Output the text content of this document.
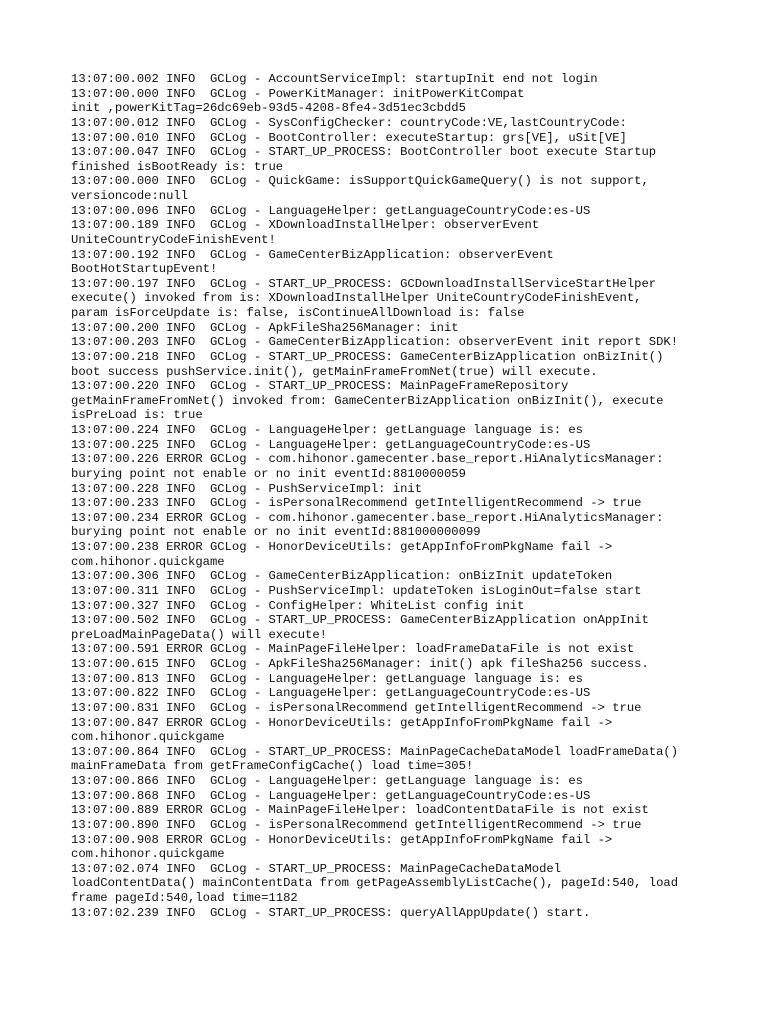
13:07:00.002 INFO  GCLog - AccountServiceImpl: startupInit end not login
13:07:00.000 INFO  GCLog - PowerKitManager: initPowerKitCompat
init ,powerKitTag=26dc69eb-93d5-4208-8fe4-3d51ec3cbdd5
13:07:00.012 INFO  GCLog - SysConfigChecker: countryCode:VE,lastCountryCode:
13:07:00.010 INFO  GCLog - BootController: executeStartup: grs[VE], uSit[VE]
13:07:00.047 INFO  GCLog - START_UP_PROCESS: BootController boot execute Startup
finished isBootReady is: true
13:07:00.000 INFO  GCLog - QuickGame: isSupportQuickGameQuery() is not support,
versioncode:null
13:07:00.096 INFO  GCLog - LanguageHelper: getLanguageCountryCode:es-US
13:07:00.189 INFO  GCLog - XDownloadInstallHelper: observerEvent
UniteCountryCodeFinishEvent!
13:07:00.192 INFO  GCLog - GameCenterBizApplication: observerEvent
BootHotStartupEvent!
13:07:00.197 INFO  GCLog - START_UP_PROCESS: GCDownloadInstallServiceStartHelper
execute() invoked from is: XDownloadInstallHelper UniteCountryCodeFinishEvent,
param isForceUpdate is: false, isContinueAllDownload is: false
13:07:00.200 INFO  GCLog - ApkFileSha256Manager: init
13:07:00.203 INFO  GCLog - GameCenterBizApplication: observerEvent init report SDK!
13:07:00.218 INFO  GCLog - START_UP_PROCESS: GameCenterBizApplication onBizInit()
boot success pushService.init(), getMainFrameFromNet(true) will execute.
13:07:00.220 INFO  GCLog - START_UP_PROCESS: MainPageFrameRepository
getMainFrameFromNet() invoked from: GameCenterBizApplication onBizInit(), execute
isPreLoad is: true
13:07:00.224 INFO  GCLog - LanguageHelper: getLanguage language is: es
13:07:00.225 INFO  GCLog - LanguageHelper: getLanguageCountryCode:es-US
13:07:00.226 ERROR GCLog - com.hihonor.gamecenter.base_report.HiAnalyticsManager:
burying point not enable or no init eventId:8810000059
13:07:00.228 INFO  GCLog - PushServiceImpl: init
13:07:00.233 INFO  GCLog - isPersonalRecommend getIntelligentRecommend -> true
13:07:00.234 ERROR GCLog - com.hihonor.gamecenter.base_report.HiAnalyticsManager:
burying point not enable or no init eventId:881000000099
13:07:00.238 ERROR GCLog - HonorDeviceUtils: getAppInfoFromPkgName fail ->
com.hihonor.quickgame
13:07:00.306 INFO  GCLog - GameCenterBizApplication: onBizInit updateToken
13:07:00.311 INFO  GCLog - PushServiceImpl: updateToken isLoginOut=false start
13:07:00.327 INFO  GCLog - ConfigHelper: WhiteList config init
13:07:00.502 INFO  GCLog - START_UP_PROCESS: GameCenterBizApplication onAppInit
preLoadMainPageData() will execute!
13:07:00.591 ERROR GCLog - MainPageFileHelper: loadFrameDataFile is not exist
13:07:00.615 INFO  GCLog - ApkFileSha256Manager: init() apk fileSha256 success.
13:07:00.813 INFO  GCLog - LanguageHelper: getLanguage language is: es
13:07:00.822 INFO  GCLog - LanguageHelper: getLanguageCountryCode:es-US
13:07:00.831 INFO  GCLog - isPersonalRecommend getIntelligentRecommend -> true
13:07:00.847 ERROR GCLog - HonorDeviceUtils: getAppInfoFromPkgName fail ->
com.hihonor.quickgame
13:07:00.864 INFO  GCLog - START_UP_PROCESS: MainPageCacheDataModel loadFrameData()
mainFrameData from getFrameConfigCache() load time=305!
13:07:00.866 INFO  GCLog - LanguageHelper: getLanguage language is: es
13:07:00.868 INFO  GCLog - LanguageHelper: getLanguageCountryCode:es-US
13:07:00.889 ERROR GCLog - MainPageFileHelper: loadContentDataFile is not exist
13:07:00.890 INFO  GCLog - isPersonalRecommend getIntelligentRecommend -> true
13:07:00.908 ERROR GCLog - HonorDeviceUtils: getAppInfoFromPkgName fail ->
com.hihonor.quickgame
13:07:02.074 INFO  GCLog - START_UP_PROCESS: MainPageCacheDataModel
loadContentData() mainContentData from getPageAssemblyListCache(), pageId:540, load
frame pageId:540,load time=1182
13:07:02.239 INFO  GCLog - START_UP_PROCESS: queryAllAppUpdate() start.
